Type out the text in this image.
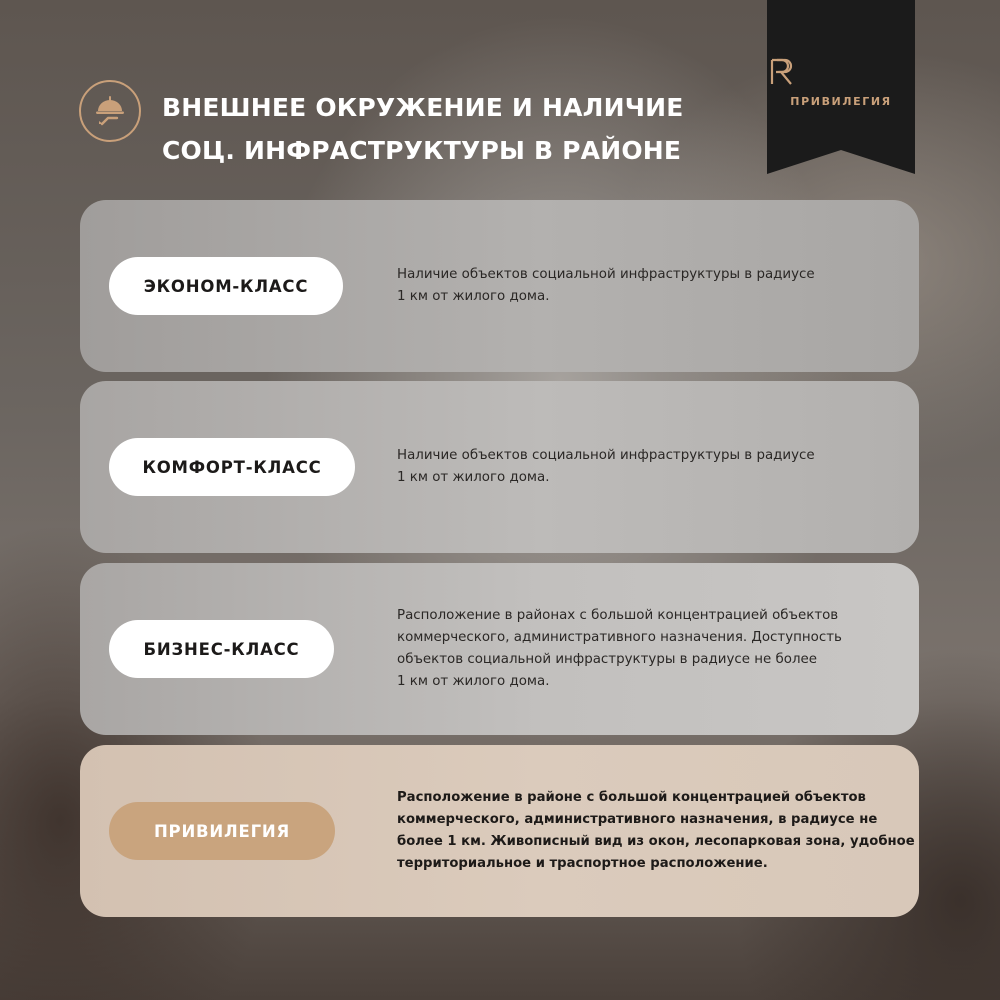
ВНЕШНЕЕ ОКРУЖЕНИЕ И НАЛИЧИЕ
СОЦ. ИНФРАСТРУКТУРЫ В РАЙОНЕ
ПРИВИЛЕГИЯ
ЭКОНОМ-КЛАСС
Наличие объектов социальной инфраструктуры в радиусе
1 км от жилого дома.
КОМФОРТ-КЛАСС
Наличие объектов социальной инфраструктуры в радиусе
1 км от жилого дома.
БИЗНЕС-КЛАСС
Расположение в районах с большой концентрацией объектов
коммерческого, административного назначения. Доступность
объектов социальной инфраструктуры в радиусе не более
1 км от жилого дома.
ПРИВИЛЕГИЯ
Расположение в районе с большой концентрацией объектов
коммерческого, административного назначения, в радиусе не
более 1 км. Живописный вид из окон, лесопарковая зона, удобное
территориальное и траспортное расположение.
